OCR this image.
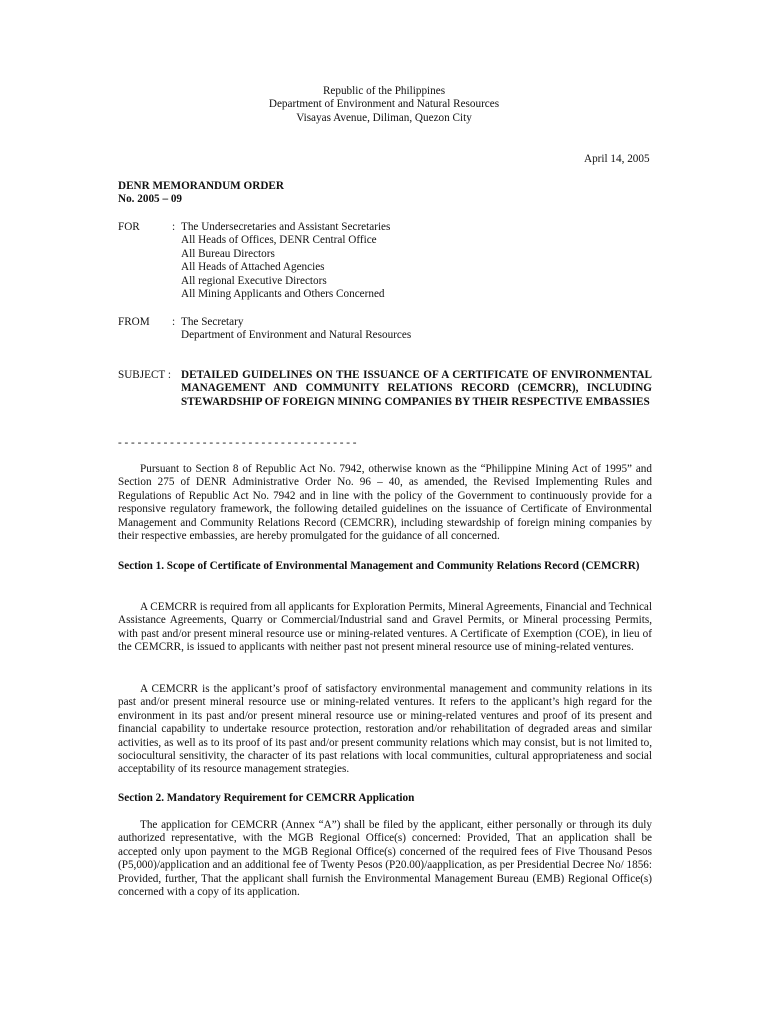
Republic of the Philippines
Department of Environment and Natural Resources
Visayas Avenue, Diliman, Quezon City
April 14, 2005
DENR MEMORANDUM ORDER
No. 2005 – 09
FOR	: The Undersecretaries and Assistant Secretaries
All Heads of Offices, DENR Central Office
All Bureau Directors
All Heads of Attached Agencies
All regional Executive Directors
All Mining Applicants and Others Concerned
FROM : The Secretary
Department of Environment and Natural Resources
SUBJECT : DETAILED GUIDELINES ON THE ISSUANCE OF A CERTIFICATE OF ENVIRONMENTAL MANAGEMENT AND COMMUNITY RELATIONS RECORD (CEMCRR), INCLUDING STEWARDSHIP OF FOREIGN MINING COMPANIES BY THEIR RESPECTIVE EMBASSIES
- - - - - - - - - - - - - - - - - - - - - - - - - - - - - - - - - - - - -

Pursuant to Section 8 of Republic Act No. 7942, otherwise known as the “Philippine Mining Act of 1995” and Section 275 of DENR Administrative Order No. 96 – 40, as amended, the Revised Implementing Rules and Regulations of Republic Act No. 7942 and in line with the policy of the Government to continuously provide for a responsive regulatory framework, the following detailed guidelines on the issuance of Certificate of Environmental Management and Community Relations Record (CEMCRR), including stewardship of foreign mining companies by their respective embassies, are hereby promulgated for the guidance of all concerned.

Section 1. Scope of Certificate of Environmental Management and Community Relations Record (CEMCRR)

A CEMCRR is required from all applicants for Exploration Permits, Mineral Agreements, Financial and Technical Assistance Agreements, Quarry or Commercial/Industrial sand and Gravel Permits, or Mineral processing Permits, with past and/or present mineral resource use or mining-related ventures. A Certificate of Exemption (COE), in lieu of the CEMCRR, is issued to applicants with neither past not present mineral resource use of mining-related ventures.

A CEMCRR is the applicant’s proof of satisfactory environmental management and community relations in its past and/or present mineral resource use or mining-related ventures. It refers to the applicant’s high regard for the environment in its past and/or present mineral resource use or mining-related ventures and proof of its present and financial capability to undertake resource protection, restoration and/or rehabilitation of degraded areas and similar activities, as well as to its proof of its past and/or present community relations which may consist, but is not limited to, sociocultural sensitivity, the character of its past relations with local communities, cultural appropriateness and social acceptability of its resource management strategies.

Section 2. Mandatory Requirement for CEMCRR Application

The application for CEMCRR (Annex “A”) shall be filed by the applicant, either personally or through its duly authorized representative, with the MGB Regional Office(s) concerned: Provided, That an application shall be accepted only upon payment to the MGB Regional Office(s) concerned of the required fees of Five Thousand Pesos (P5,000)/application and an additional fee of Twenty Pesos (P20.00)/aapplication, as per Presidential Decree No/ 1856: Provided, further, That the applicant shall furnish the Environmental Management Bureau (EMB) Regional Office(s) concerned with a copy of its application.
